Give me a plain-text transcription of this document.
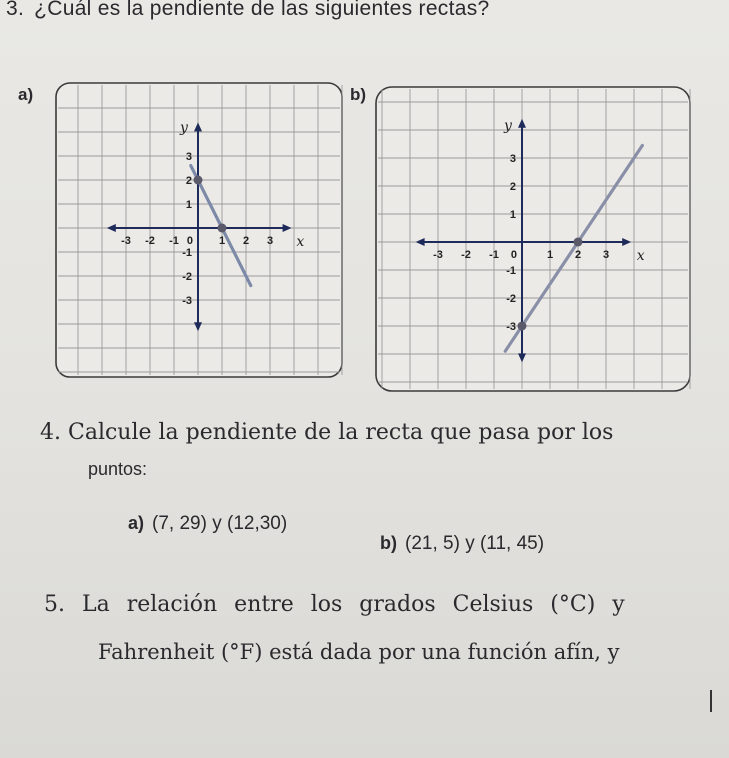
3. ¿Cuál es la pendiente de las siguientes rectas?
a)
-3 -2 -1	1 2 3
3
2
1
-1
-2
-3
0	x
y
b)
-3 -2 -1	1 2 3
3
2
1
-1
-2
-3
0	x
y
4. Calcule la pendiente de la recta que pasa por los
puntos:
a) (7, 29) y (12,30)
b) (21, 5) y (11, 45)
5. La relación entre los grados Celsius (°C) y
Fahrenheit (°F) está dada por una función afín, y
